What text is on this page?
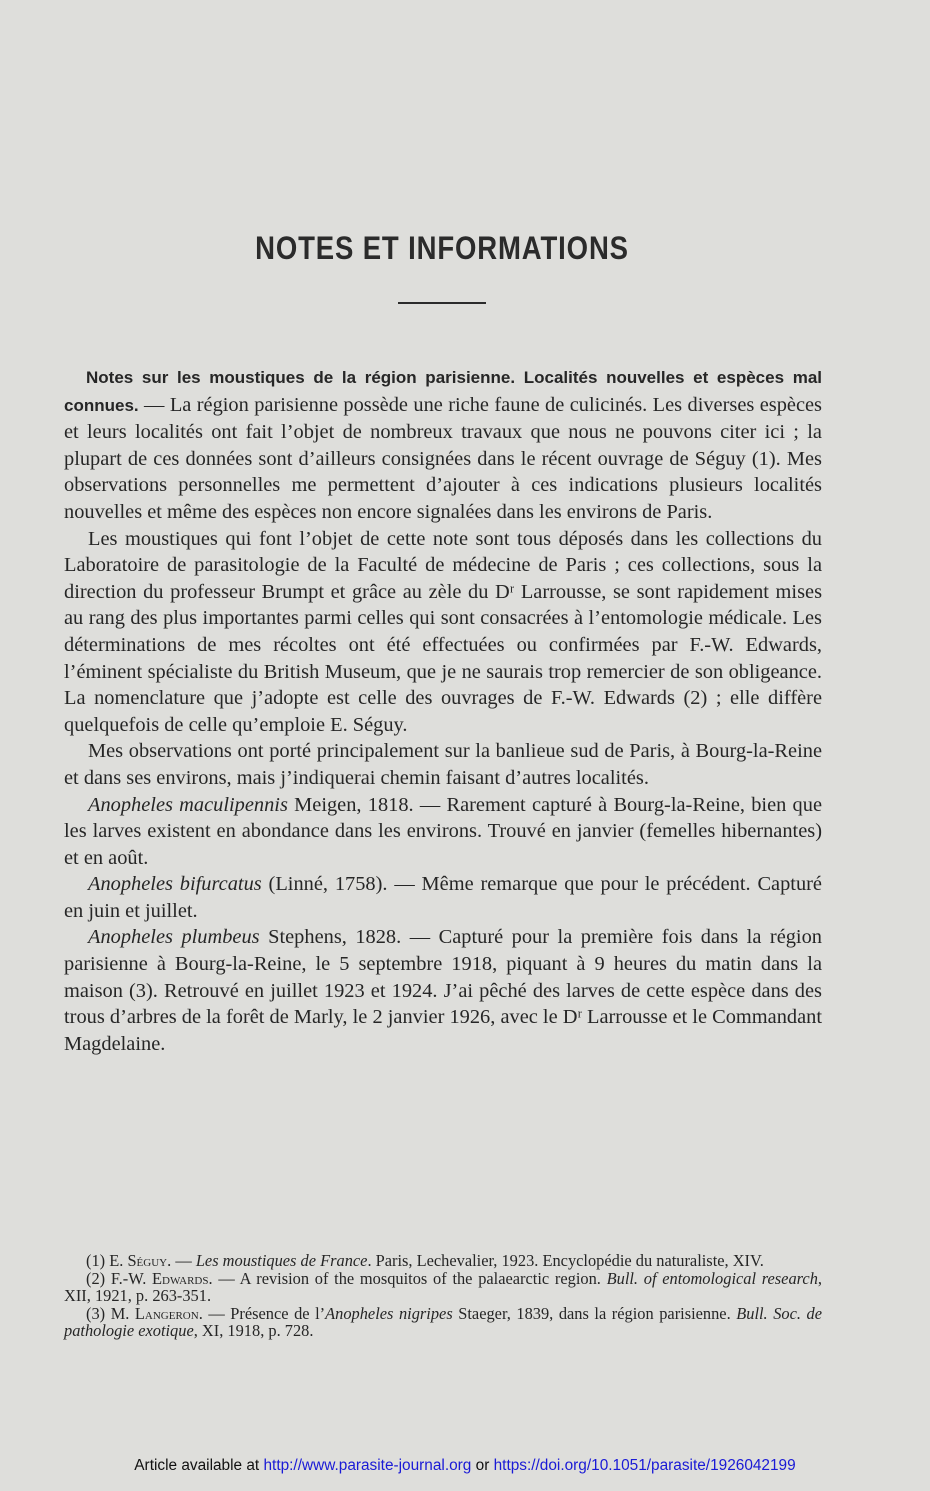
NOTES ET INFORMATIONS

Notes sur les moustiques de la région parisienne. Localités nouvelles et espèces mal connues. — La région parisienne possède une riche faune de culicinés. Les diverses espèces et leurs localités ont fait l’objet de nombreux travaux que nous ne pouvons citer ici ; la plupart de ces données sont d’ailleurs consignées dans le récent ouvrage de Séguy (1). Mes observations personnelles me permettent d’ajouter à ces indications plusieurs localités nouvelles et même des espèces non encore signalées dans les environs de Paris.

Les moustiques qui font l’objet de cette note sont tous déposés dans les collections du Laboratoire de parasitologie de la Faculté de médecine de Paris ; ces collections, sous la direction du professeur Brumpt et grâce au zèle du Dʳ Larrousse, se sont rapidement mises au rang des plus importantes parmi celles qui sont consacrées à l’entomologie médicale. Les déterminations de mes récoltes ont été effectuées ou confirmées par F.-W. Edwards, l’éminent spécialiste du British Museum, que je ne saurais trop remercier de son obligeance. La nomenclature que j’adopte est celle des ouvrages de F.-W. Edwards (2) ; elle diffère quelquefois de celle qu’emploie E. Séguy.

Mes observations ont porté principalement sur la banlieue sud de Paris, à Bourg-la-Reine et dans ses environs, mais j’indiquerai chemin faisant d’autres localités.

Anopheles maculipennis Meigen, 1818. — Rarement capturé à Bourg-la-Reine, bien que les larves existent en abondance dans les environs. Trouvé en janvier (femelles hibernantes) et en août.

Anopheles bifurcatus (Linné, 1758). — Même remarque que pour le précédent. Capturé en juin et juillet.

Anopheles plumbeus Stephens, 1828. — Capturé pour la première fois dans la région parisienne à Bourg-la-Reine, le 5 septembre 1918, piquant à 9 heures du matin dans la maison (3). Retrouvé en juillet 1923 et 1924. J’ai pêché des larves de cette espèce dans des trous d’arbres de la forêt de Marly, le 2 janvier 1926, avec le Dʳ Larrousse et le Commandant Magdelaine.

(1) E. Séguy. — Les moustiques de France. Paris, Lechevalier, 1923. Encyclopédie du naturaliste, XIV.

(2) F.-W. Edwards. — A revision of the mosquitos of the palaearctic region. Bull. of entomological research, XII, 1921, p. 263-351.

(3) M. Langeron. — Présence de l’Anopheles nigripes Staeger, 1839, dans la région parisienne. Bull. Soc. de pathologie exotique, XI, 1918, p. 728.

Article available at http://www.parasite-journal.org or https://doi.org/10.1051/parasite/1926042199
